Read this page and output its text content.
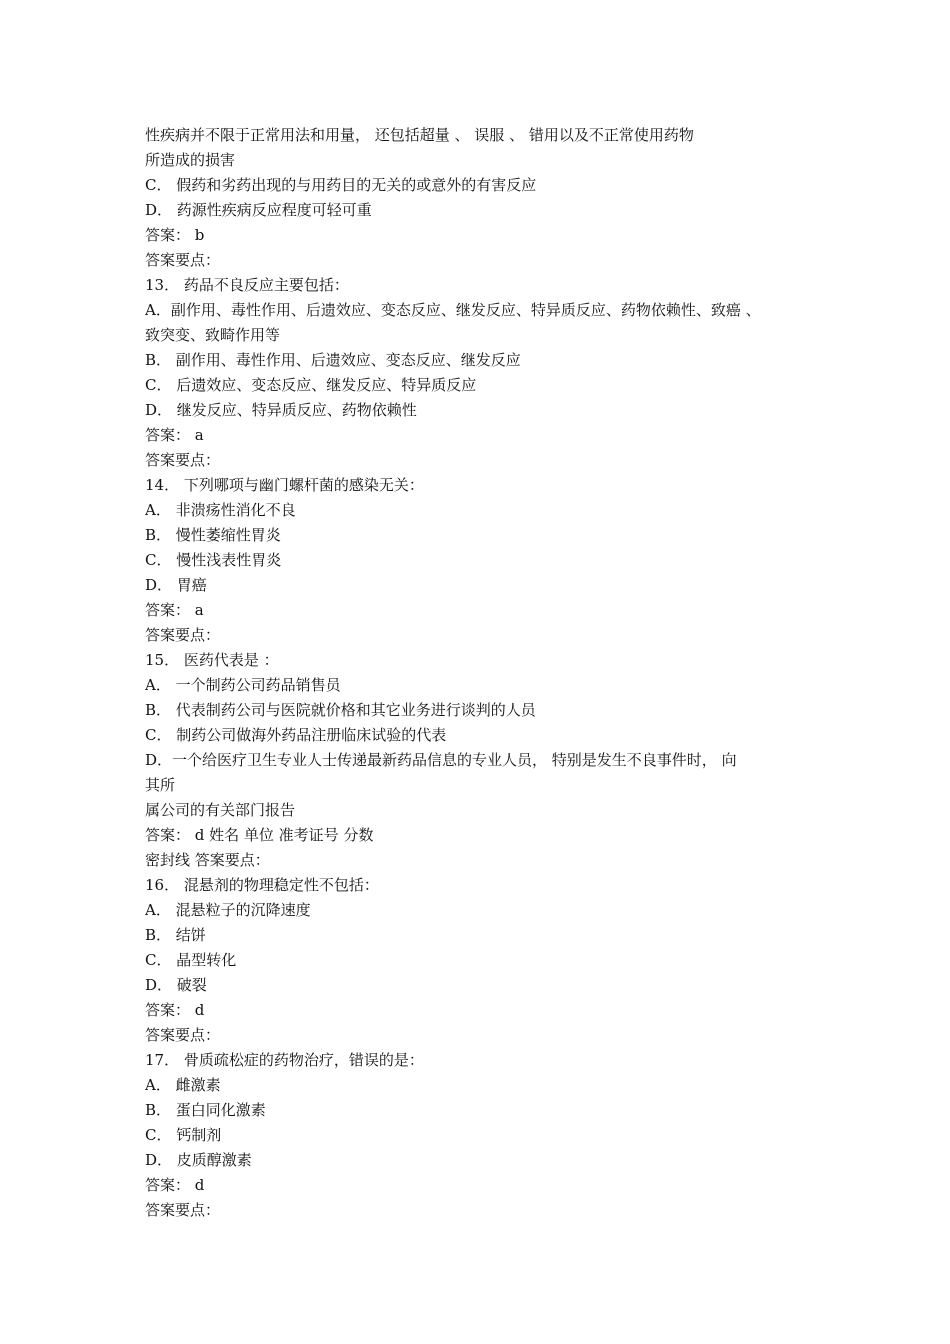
性疾病并不限于正常用法和用量， 还包括超量 、 误服 、 错用以及不正常使用药物
所造成的损害
C． 假药和劣药出现的与用药目的无关的或意外的有害反应
D． 药源性疾病反应程度可轻可重
答案： b
答案要点：
13． 药品不良反应主要包括：
A．副作用、毒性作用、后遗效应、变态反应、继发反应、特异质反应、药物依赖性、致癌 、
致突变、致畸作用等
B． 副作用、毒性作用、后遗效应、变态反应、继发反应
C． 后遗效应、变态反应、继发反应、特异质反应
D． 继发反应、特异质反应、药物依赖性
答案： a
答案要点：
14． 下列哪项与幽门螺杆菌的感染无关：
A． 非溃疡性消化不良
B． 慢性萎缩性胃炎
C． 慢性浅表性胃炎
D． 胃癌
答案： a
答案要点：
15． 医药代表是 ：
A． 一个制药公司药品销售员
B． 代表制药公司与医院就价格和其它业务进行谈判的人员
C． 制药公司做海外药品注册临床试验的代表
D．一个给医疗卫生专业人士传递最新药品信息的专业人员， 特别是发生不良事件时， 向
其所
属公司的有关部门报告
答案： d 姓名 单位 准考证号 分数
密封线 答案要点：
16． 混悬剂的物理稳定性不包括：
A． 混悬粒子的沉降速度
B． 结饼
C． 晶型转化
D． 破裂
答案： d
答案要点：
17． 骨质疏松症的药物治疗，错误的是：
A． 雌激素
B． 蛋白同化激素
C． 钙制剂
D． 皮质醇激素
答案： d
答案要点：
